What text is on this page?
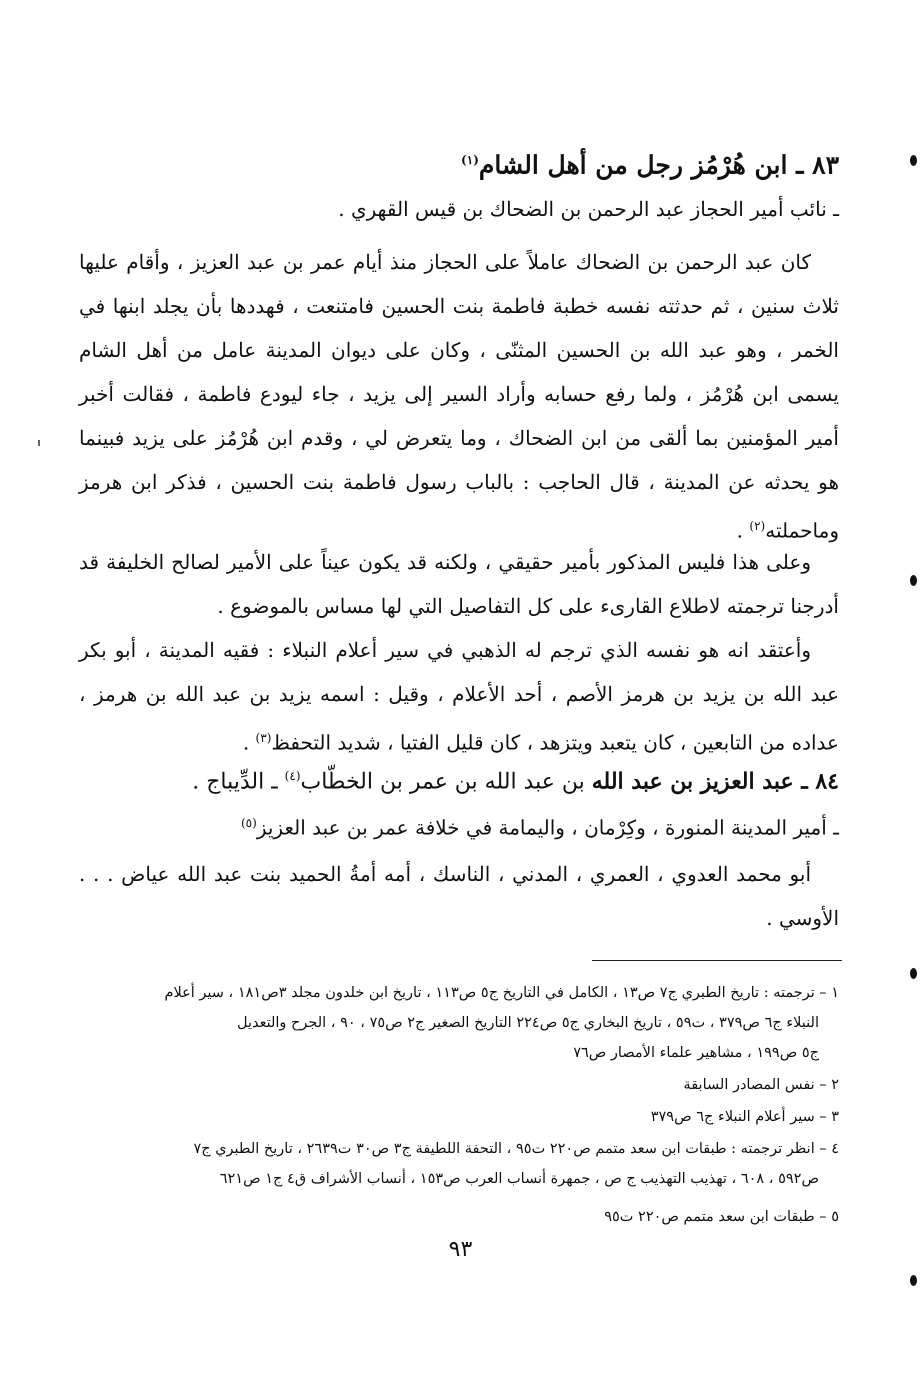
٨٣ ـ ابن هُرْمُز رجل من أهل الشام$^{(١)}$
ـ نائب أمير الحجاز عبد الرحمن بن الضحاك بن قيس القهري .
كان عبد الرحمن بن الضحاك عاملاً على الحجاز منذ أيام عمر بن عبد العزيز ، وأقام عليها ثلاث سنين ، ثم حدثته نفسه خطبة فاطمة بنت الحسين فامتنعت ، فهددها بأن يجلد ابنها في الخمر ، وهو عبد الله بن الحسين المثنّى ، وكان على ديوان المدينة عامل من أهل الشام يسمى ابن هُرْمُز ، ولما رفع حسابه وأراد السير إلى يزيد ، جاء ليودع فاطمة ، فقالت أخبر أمير المؤمنين بما ألقى من ابن الضحاك ، وما يتعرض لي ، وقدم ابن هُرْمُز على يزيد فبينما هو يحدثه عن المدينة ، قال الحاجب : بالباب رسول فاطمة بنت الحسين ، فذكر ابن هرمز وماحملته$^{(٢)}$ .
وعلى هذا فليس المذكور بأمير حقيقي ، ولكنه قد يكون عيناً على الأمير لصالح الخليفة قد أدرجنا ترجمته لاطلاع القارىء على كل التفاصيل التي لها مساس بالموضوع .
وأعتقد انه هو نفسه الذي ترجم له الذهبي في سير أعلام النبلاء : فقيه المدينة ، أبو بكر عبد الله بن يزيد بن هرمز الأصم ، أحد الأعلام ، وقيل : اسمه يزيد بن عبد الله بن هرمز ، عداده من التابعين ، كان يتعبد ويتزهد ، كان قليل الفتيا ، شديد التحفظ$^{(٣)}$ .
٨٤ ـ عبد العزيز بن عبد الله بن عبد الله بن عمر بن الخطّاب$^{(٤)}$ ـ الدِّيباج .
ـ أمير المدينة المنورة ، وكِرْمان ، واليمامة في خلافة عمر بن عبد العزيز$^{(٥)}$
أبو محمد العدوي ، العمري ، المدني ، الناسك ، أمه أمةُ الحميد بنت عبد الله عياض . . . الأوسي .
١ – ترجمته : تاريخ الطبري ج٧ ص١٣ ، الكامل في التاريخ ج٥ ص١١٣ ، تاريخ ابن خلدون مجلد ٣ص١٨١ ، سير أعلام
النبلاء ج٦ ص٣٧٩ ، ت٥٩ ، تاريخ البخاري ج٥ ص٢٢٤ التاريخ الصغير ج٢ ص٧٥ ، ٩٠ ، الجرح والتعديل
ج٥ ص١٩٩ ، مشاهير علماء الأمصار ص٧٦
٢ – نفس المصادر السابقة
٣ – سير أعلام النبلاء ج٦ ص٣٧٩
٤ – انظر ترجمته : طبقات ابن سعد متمم ص٢٢٠ ت٩٥ ، التحفة اللطيفة ج٣ ص٣٠ ت٢٦٣٩ ، تاريخ الطبري ج٧
ص٥٩٢ ، ٦٠٨ ، تهذيب التهذيب ج ص ، جمهرة أنساب العرب ص١٥٣ ، أنساب الأشراف ق٤ ج١ ص٦٢١
٥ – طبقات ابن سعد متمم ص٢٢٠ ت٩٥
٩٣
